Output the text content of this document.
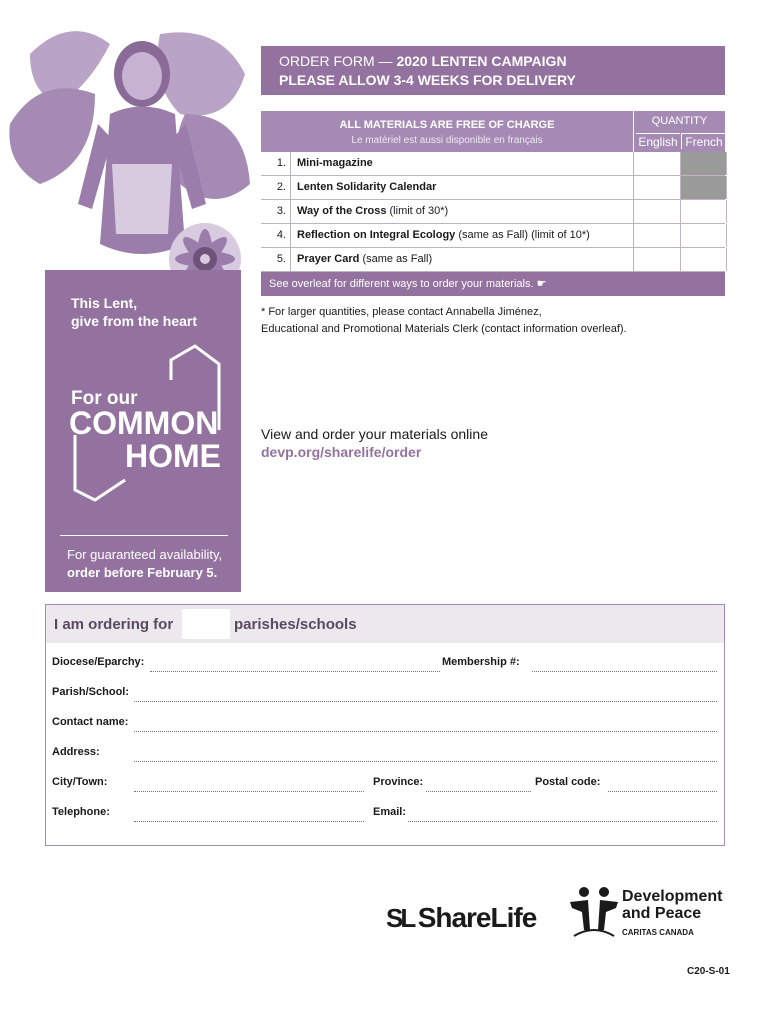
This Lent,
give from the heart
For our
COMMON
HOME
For guaranteed availability,
order before February 5.
ORDER FORM — 2020 LENTEN CAMPAIGN
PLEASE ALLOW 3-4 WEEKS FOR DELIVERY
ALL MATERIALS ARE FREE OF CHARGE
Le matériel est aussi disponible en français
QUANTITY
English French
1.	Mini-magazine
2.	Lenten Solidarity Calendar
3.	Way of the Cross (limit of 30*)
4.	Reflection on Integral Ecology (same as Fall) (limit of 10*)
5.	Prayer Card (same as Fall)
See overleaf for different ways to order your materials. ☛
* For larger quantities, please contact Annabella Jiménez,
Educational and Promotional Materials Clerk (contact information overleaf).
View and order your materials online
devp.org/sharelife/order
I am ordering for	parishes/schools
Diocese/Eparchy:	Membership #:
Parish/School:
Contact name:
Address:
City/Town:	Province:	Postal code:
Telephone:	Email:
SL ShareLife
Development
and Peace
CARITAS CANADA
C20-S-01
